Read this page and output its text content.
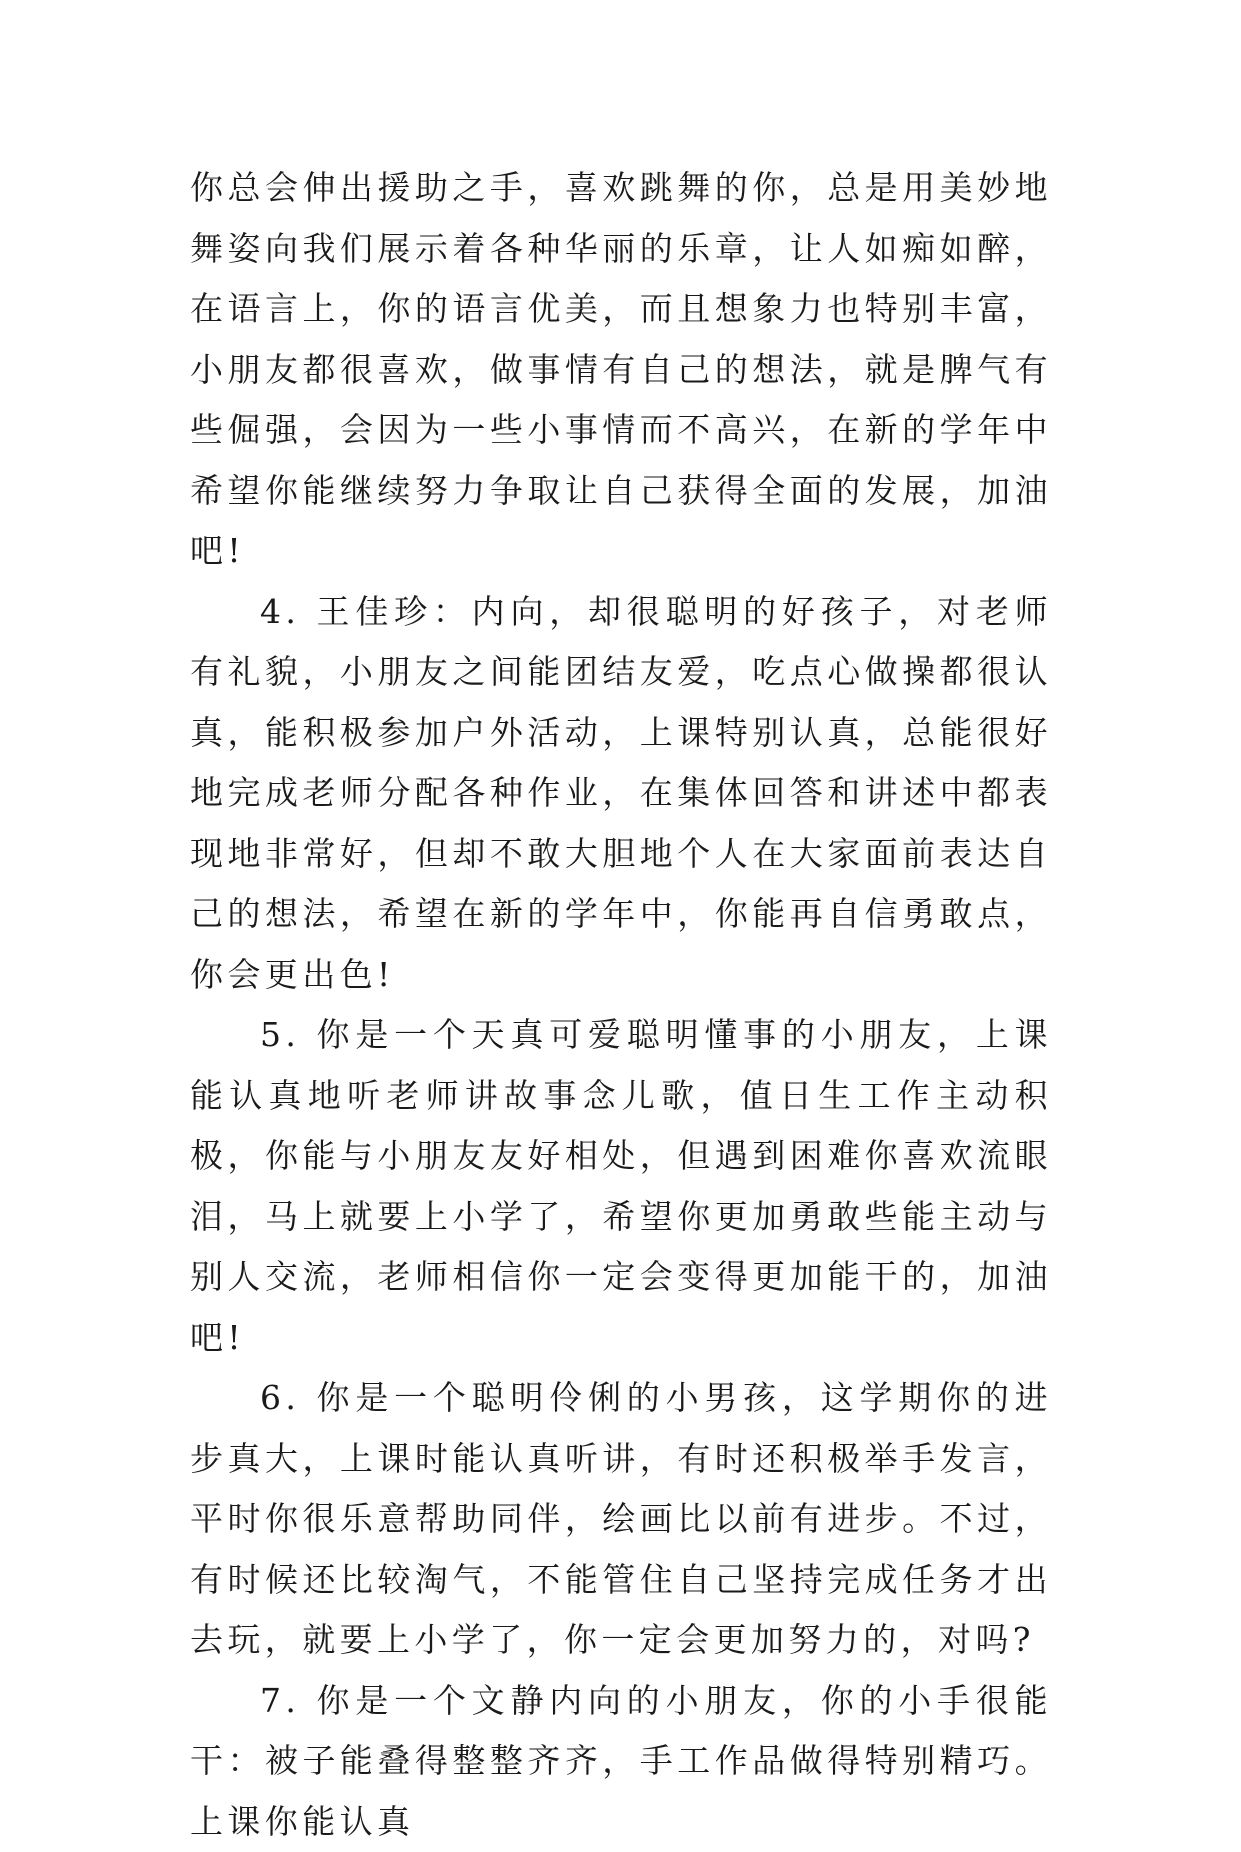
你总会伸出援助之手，喜欢跳舞的你，总是用美妙地舞姿向我们展示着各种华丽的乐章，让人如痴如醉，在语言上，你的语言优美，而且想象力也特别丰富，小朋友都很喜欢，做事情有自己的想法，就是脾气有些倔强，会因为一些小事情而不高兴，在新的学年中希望你能继续努力争取让自己获得全面的发展，加油吧!

4. 王佳珍：内向，却很聪明的好孩子，对老师有礼貌，小朋友之间能团结友爱，吃点心做操都很认真，能积极参加户外活动，上课特别认真，总能很好地完成老师分配各种作业，在集体回答和讲述中都表现地非常好，但却不敢大胆地个人在大家面前表达自己的想法，希望在新的学年中，你能再自信勇敢点，你会更出色!

5. 你是一个天真可爱聪明懂事的小朋友，上课能认真地听老师讲故事念儿歌，值日生工作主动积极，你能与小朋友友好相处，但遇到困难你喜欢流眼泪，马上就要上小学了，希望你更加勇敢些能主动与别人交流，老师相信你一定会变得更加能干的，加油吧!

6. 你是一个聪明伶俐的小男孩，这学期你的进步真大，上课时能认真听讲，有时还积极举手发言，平时你很乐意帮助同伴，绘画比以前有进步。不过，有时候还比较淘气，不能管住自己坚持完成任务才出去玩，就要上小学了，你一定会更加努力的，对吗?

7. 你是一个文静内向的小朋友，你的小手很能干：被子能叠得整整齐齐，手工作品做得特别精巧。上课你能认真
